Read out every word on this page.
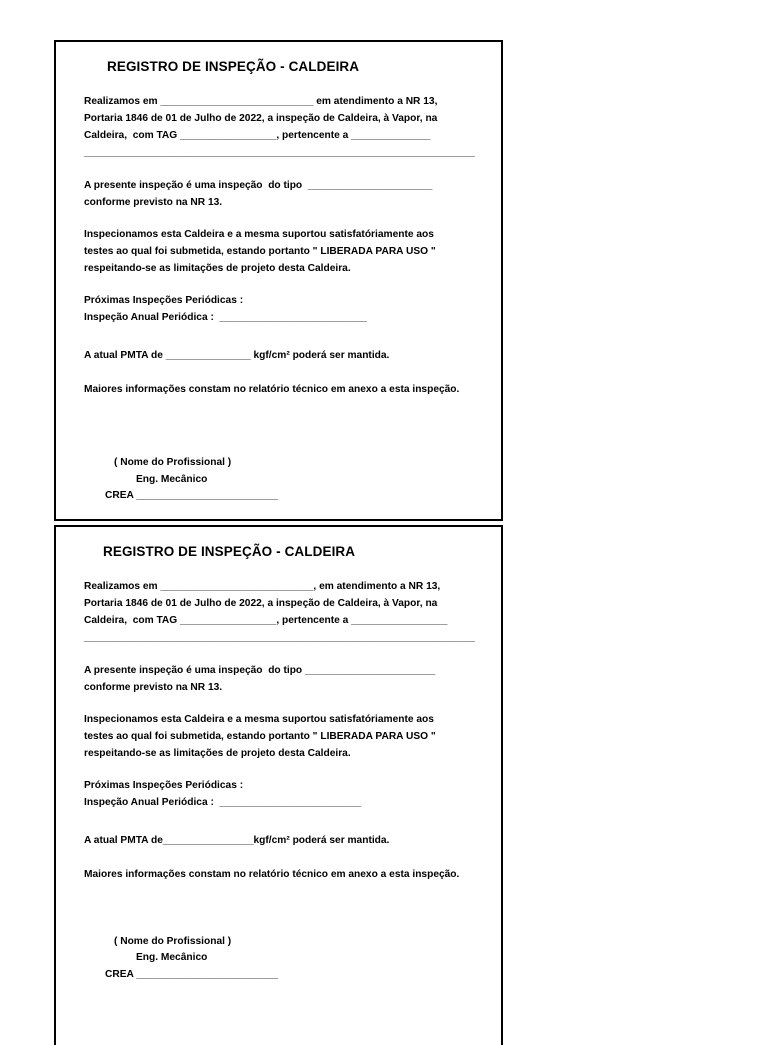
REGISTRO DE INSPEÇÃO - CALDEIRA

Realizamos em ___________________________ em atendimento a NR 13,

Portaria 1846 de 01 de Julho de 2022, a inspeção de Caldeira, à Vapor, na

Caldeira,  com TAG _________________, pertencente a ______________

_____________________________________________________________________

A presente inspeção é uma inspeção  do tipo  ______________________

conforme previsto na NR 13.

Inspecionamos esta Caldeira e a mesma suportou satisfatóriamente aos

testes ao qual foi submetida, estando portanto " LIBERADA PARA USO "

respeitando-se as limitações de projeto desta Caldeira.

Próximas Inspeções Periódicas :

Inspeção Anual Periódica :  __________________________

A atual PMTA de _______________ kgf/cm² poderá ser mantida.

Maiores informações constam no relatório técnico em anexo a esta inspeção.

( Nome do Profissional )

Eng. Mecânico

CREA _________________________

REGISTRO DE INSPEÇÃO - CALDEIRA

Realizamos em ___________________________, em atendimento a NR 13,

Portaria 1846 de 01 de Julho de 2022, a inspeção de Caldeira, à Vapor, na

Caldeira,  com TAG _________________, pertencente a _________________

_____________________________________________________________________

A presente inspeção é uma inspeção  do tipo _______________________

conforme previsto na NR 13.

Inspecionamos esta Caldeira e a mesma suportou satisfatóriamente aos

testes ao qual foi submetida, estando portanto " LIBERADA PARA USO "

respeitando-se as limitações de projeto desta Caldeira.

Próximas Inspeções Periódicas :

Inspeção Anual Periódica :  _________________________

A atual PMTA de________________kgf/cm² poderá ser mantida.

Maiores informações constam no relatório técnico em anexo a esta inspeção.

( Nome do Profissional )

Eng. Mecânico

CREA _________________________
